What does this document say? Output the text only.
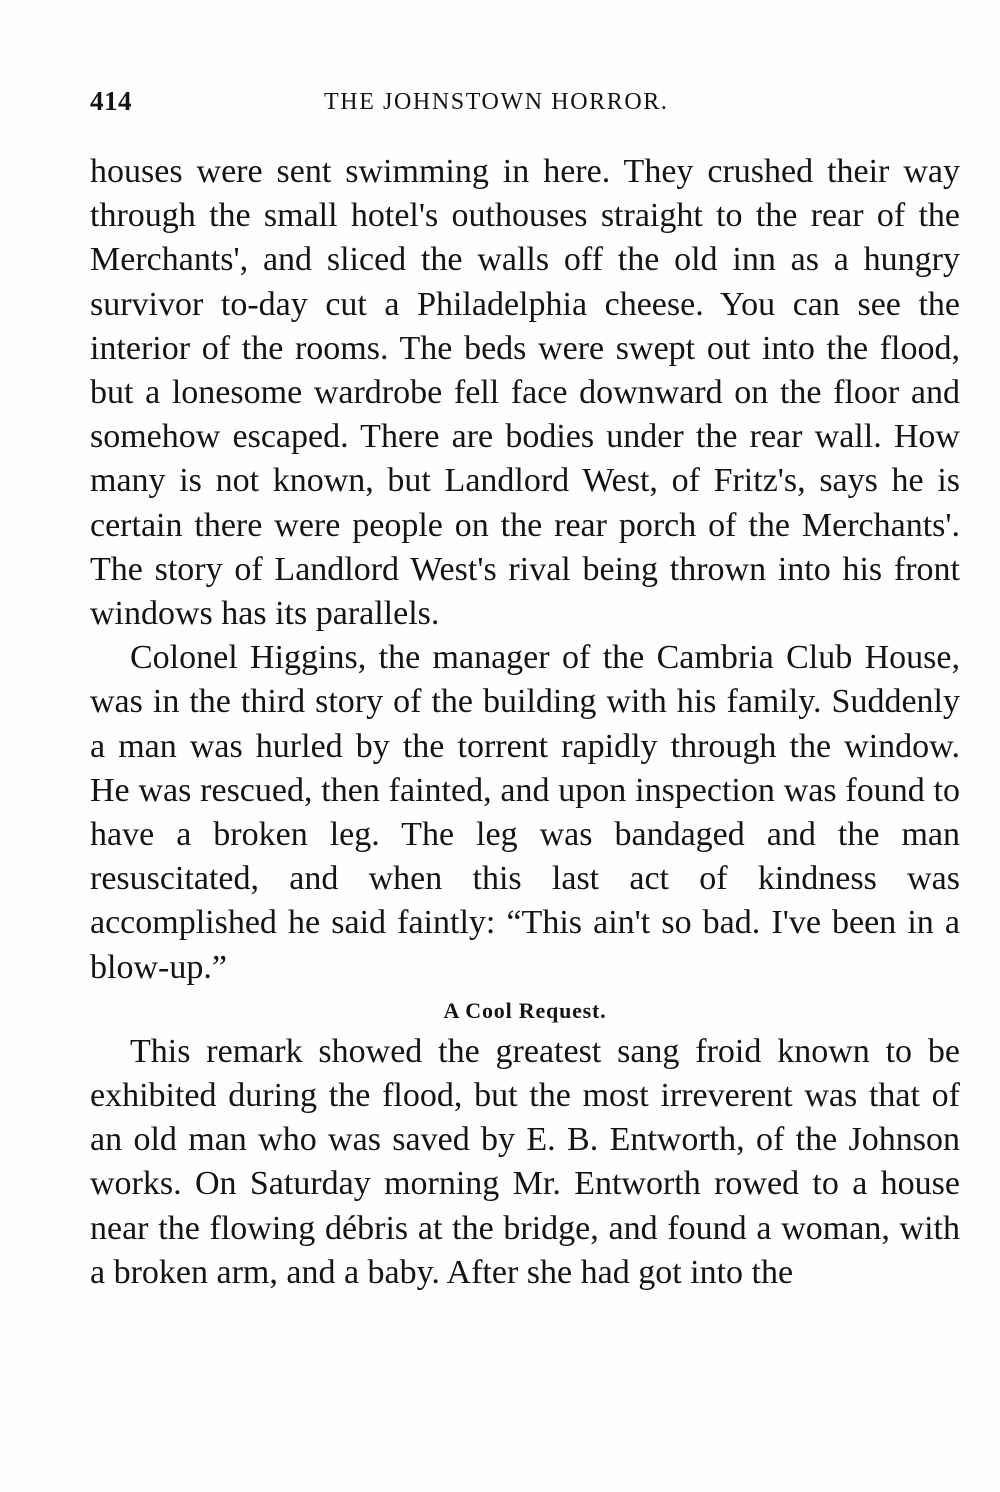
414	THE JOHNSTOWN HORROR.

houses were sent swimming in here. They crushed their way through the small hotel's outhouses straight to the rear of the Merchants', and sliced the walls off the old inn as a hungry survivor to-day cut a Philadelphia cheese. You can see the interior of the rooms. The beds were swept out into the flood, but a lonesome wardrobe fell face downward on the floor and somehow escaped. There are bodies under the rear wall. How many is not known, but Landlord West, of Fritz's, says he is certain there were people on the rear porch of the Merchants'. The story of Landlord West's rival being thrown into his front windows has its parallels.

Colonel Higgins, the manager of the Cambria Club House, was in the third story of the building with his family. Suddenly a man was hurled by the torrent rapidly through the window. He was rescued, then fainted, and upon inspection was found to have a broken leg. The leg was bandaged and the man resuscitated, and when this last act of kindness was accomplished he said faintly: “This ain't so bad. I've been in a blow-up.”

A Cool Request.

This remark showed the greatest sang froid known to be exhibited during the flood, but the most irreverent was that of an old man who was saved by E. B. Entworth, of the Johnson works. On Saturday morning Mr. Entworth rowed to a house near the flowing débris at the bridge, and found a woman, with a broken arm, and a baby. After she had got into the
